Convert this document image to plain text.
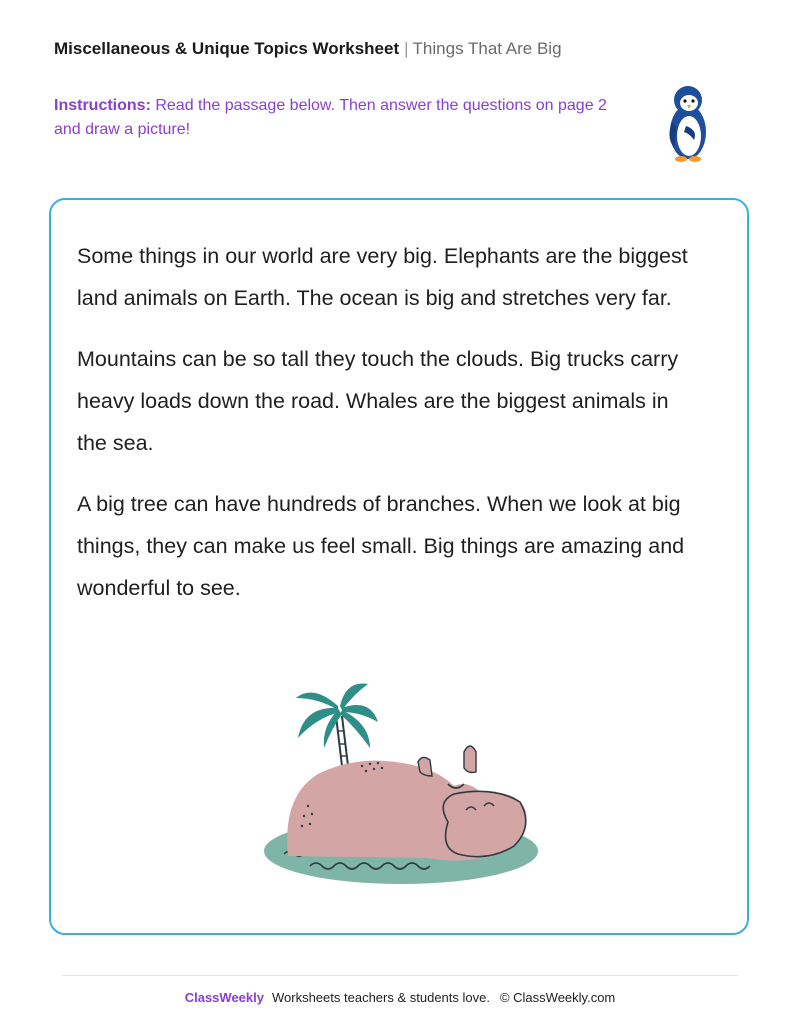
Miscellaneous & Unique Topics Worksheet | Things That Are Big
Instructions: Read the passage below. Then answer the questions on page 2 and draw a picture!

Some things in our world are very big. Elephants are the biggest land animals on Earth. The ocean is big and stretches very far.

Mountains can be so tall they touch the clouds. Big trucks carry heavy loads down the road. Whales are the biggest animals in the sea.

A big tree can have hundreds of branches. When we look at big things, they can make us feel small. Big things are amazing and wonderful to see.

ClassWeekly Worksheets teachers & students love. © ClassWeekly.com
